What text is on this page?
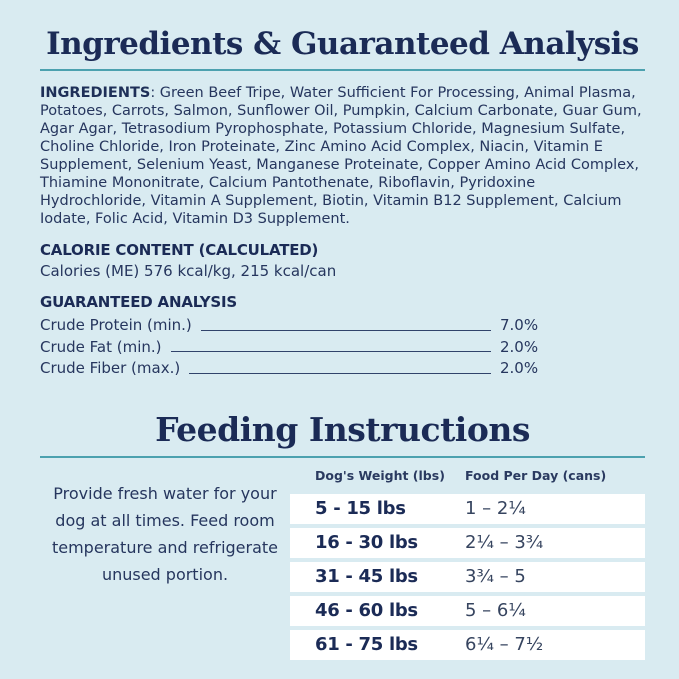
Ingredients & Guaranteed Analysis

INGREDIENTS: Green Beef Tripe, Water Sufficient For Processing, Animal Plasma, Potatoes, Carrots, Salmon, Sunflower Oil, Pumpkin, Calcium Carbonate, Guar Gum, Agar Agar, Tetrasodium Pyrophosphate, Potassium Chloride, Magnesium Sulfate, Choline Chloride, Iron Proteinate, Zinc Amino Acid Complex, Niacin, Vitamin E Supplement, Selenium Yeast, Manganese Proteinate, Copper Amino Acid Complex, Thiamine Mononitrate, Calcium Pantothenate, Riboflavin, Pyridoxine Hydrochloride, Vitamin A Supplement, Biotin, Vitamin B12 Supplement, Calcium Iodate, Folic Acid, Vitamin D3 Supplement.

CALORIE CONTENT (CALCULATED)
Calories (ME) 576 kcal/kg, 215 kcal/can
GUARANTEED ANALYSIS
Crude Protein (min.)	7.0%
Crude Fat (min.)	2.0%
Crude Fiber (max.)	2.0%
Feeding Instructions
Provide fresh water for your dog at all times. Feed room temperature and refrigerate unused portion.
Dog's Weight (lbs)	Food Per Day (cans)
5 - 15 lbs	1 – 2¼
16 - 30 lbs	2¼ – 3¾
31 - 45 lbs	3¾ – 5
46 - 60 lbs	5 – 6¼
61 - 75 lbs	6¼ – 7½
